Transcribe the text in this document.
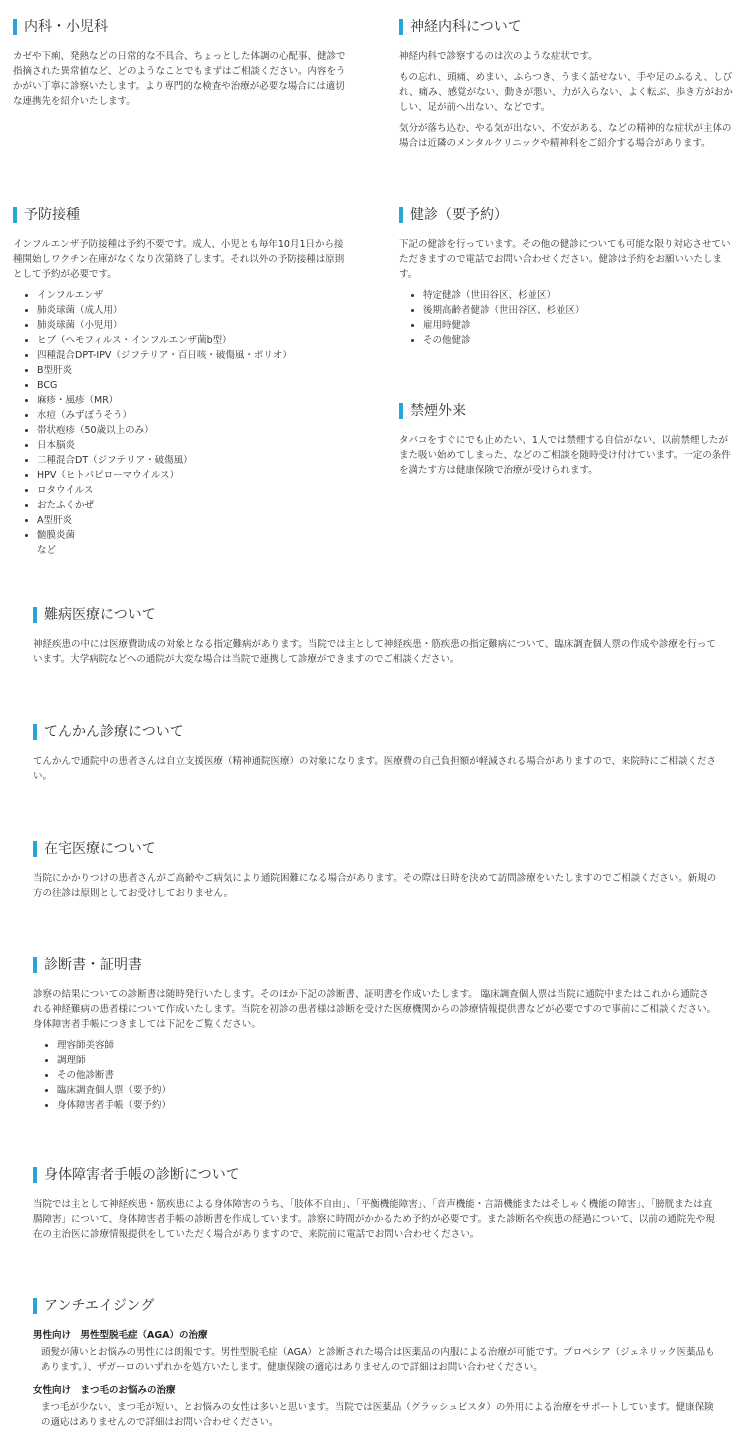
内科・小児科

カゼや下痢、発熱などの日常的な不具合、ちょっとした体調の心配事、健診で指摘された異常値など、どのようなことでもまずはご相談ください。内容をうかがい丁寧に診察いたします。より専門的な検査や治療が必要な場合には適切な連携先を紹介いたします。

神経内科について

神経内科で診察するのは次のような症状です。

もの忘れ、頭痛、めまい、ふらつき、うまく話せない、手や足のふるえ、しびれ、痛み、感覚がない、動きが悪い、力が入らない、よく転ぶ、歩き方がおかしい、足が前へ出ない、などです。

気分が落ち込む、やる気が出ない、不安がある、などの精神的な症状が主体の場合は近隣のメンタルクリニックや精神科をご紹介する場合があります。

予防接種

インフルエンザ予防接種は予約不要です。成人、小児とも毎年10月1日から接種開始しワクチン在庫がなくなり次第終了します。それ以外の予防接種は原則として予約が必要です。

• インフルエンザ
• 肺炎球菌（成人用）
• 肺炎球菌（小児用）
• ヒブ（ヘモフィルス・インフルエンザ菌b型）
• 四種混合DPT-IPV（ジフテリア・百日咳・破傷風・ポリオ）
• B型肝炎
• BCG
• 麻疹・風疹（MR）
• 水痘（みずぼうそう）
• 帯状疱疹（50歳以上のみ）
• 日本脳炎
• 二種混合DT（ジフテリア・破傷風）
• HPV（ヒトパピローマウイルス）
• ロタウイルス
• おたふくかぜ
• A型肝炎
• 髄膜炎菌
など
健診（要予約）

下記の健診を行っています。その他の健診についても可能な限り対応させていただきますので電話でお問い合わせください。健診は予約をお願いいたします。

• 特定健診（世田谷区、杉並区）
• 後期高齢者健診（世田谷区、杉並区）
• 雇用時健診
• その他健診
禁煙外来

タバコをすぐにでも止めたい、1人では禁煙する自信がない、以前禁煙したがまた吸い始めてしまった、などのご相談を随時受け付けています。一定の条件を満たす方は健康保険で治療が受けられます。

難病医療について

神経疾患の中には医療費助成の対象となる指定難病があります。当院では主として神経疾患・筋疾患の指定難病について、臨床調査個人票の作成や診療を行っています。大学病院などへの通院が大変な場合は当院で連携して診療ができますのでご相談ください。

てんかん診療について

てんかんで通院中の患者さんは自立支援医療（精神通院医療）の対象になります。医療費の自己負担額が軽減される場合がありますので、来院時にご相談ください。

在宅医療について

当院にかかりつけの患者さんがご高齢やご病気により通院困難になる場合があります。その際は日時を決めて訪問診療をいたしますのでご相談ください。新規の方の往診は原則としてお受けしておりません。

診断書・証明書

診察の結果についての診断書は随時発行いたします。そのほか下記の診断書、証明書を作成いたします。 臨床調査個人票は当院に通院中またはこれから通院される神経難病の患者様について作成いたします。当院を初診の患者様は診断を受けた医療機関からの診療情報提供書などが必要ですので事前にご相談ください。身体障害者手帳につきましては下記をご覧ください。

• 理容師美容師
• 調理師
• その他診断書
• 臨床調査個人票（要予約）
• 身体障害者手帳（要予約）
身体障害者手帳の診断について

当院では主として神経疾患・筋疾患による身体障害のうち、「肢体不自由」、「平衡機能障害」、「音声機能・言語機能またはそしゃく機能の障害」、「膀胱または直腸障害」について、身体障害者手帳の診断書を作成しています。診察に時間がかかるため予約が必要です。また診断名や疾患の経過について、以前の通院先や現在の主治医に診療情報提供をしていただく場合がありますので、来院前に電話でお問い合わせください。

アンチエイジング
男性向け　男性型脱毛症（AGA）の治療
頭髪が薄いとお悩みの男性には朗報です。男性型脱毛症（AGA）と診断された場合は医薬品の内服による治療が可能です。プロペシア（ジェネリック医薬品もあります。）、ザガーロのいずれかを処方いたします。健康保険の適応はありませんので詳細はお問い合わせください。
女性向け　まつ毛のお悩みの治療
まつ毛が少ない、まつ毛が短い、とお悩みの女性は多いと思います。当院では医薬品（グラッシュビスタ）の外用による治療をサポートしています。健康保険の適応はありませんので詳細はお問い合わせください。
